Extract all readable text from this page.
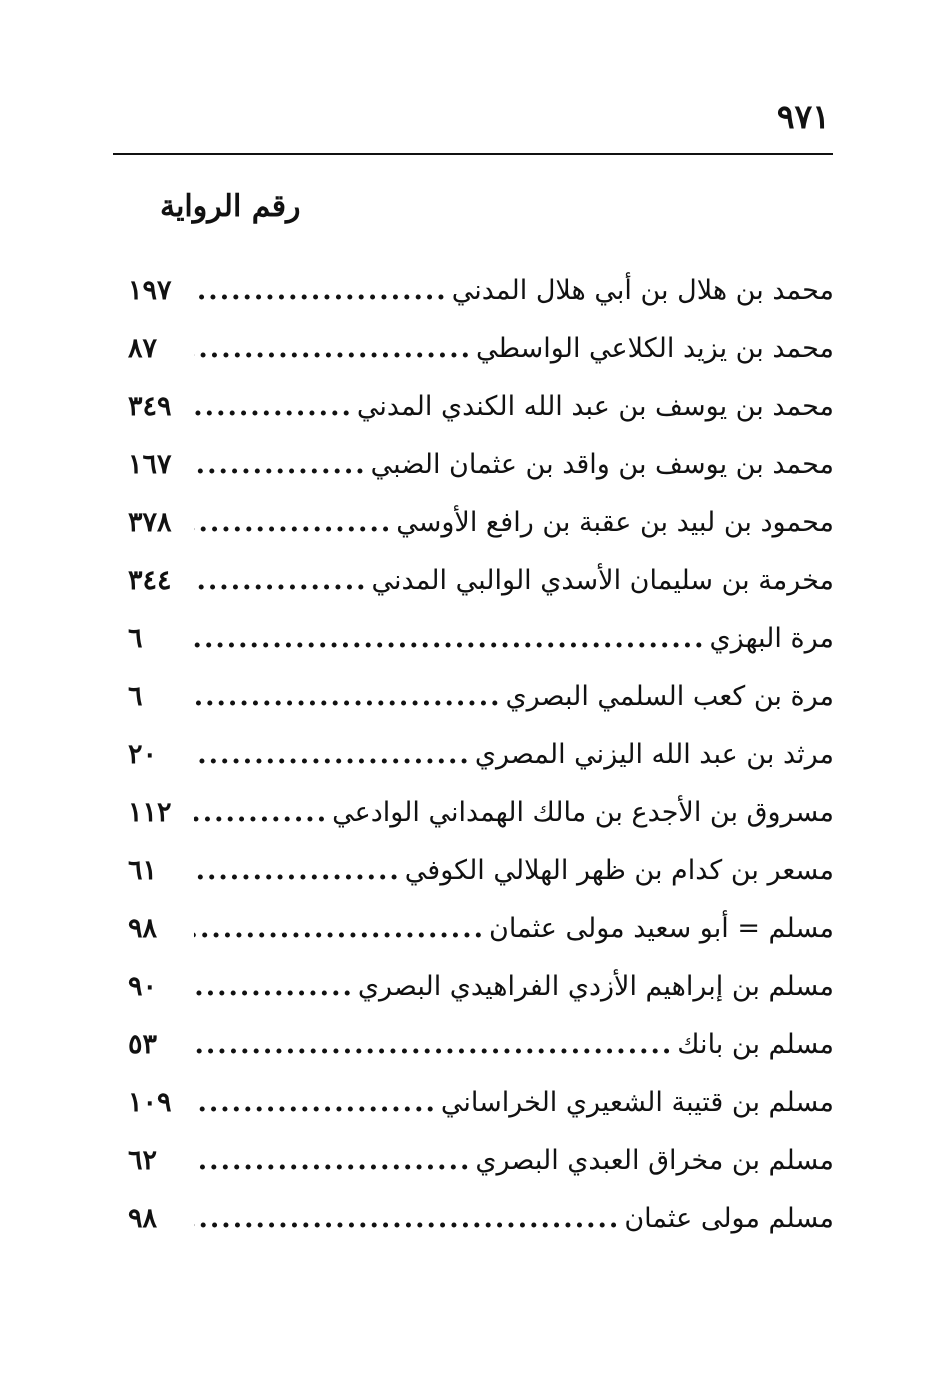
٩٧١
رقم الرواية
محمد بن هلال بن أبي هلال المدني
.....
١٩٧
محمد بن يزيد الكلاعي الواسطي
.....
٨٧
محمد بن يوسف بن عبد الله الكندي المدني
.....
٣٤٩
محمد بن يوسف بن واقد بن عثمان الضبي
.....
١٦٧
محمود بن لبيد بن عقبة بن رافع الأوسي
.....
٣٧٨
مخرمة بن سليمان الأسدي الوالبي المدني
.....
٣٤٤
مرة البهزي
.....
٦
مرة بن كعب السلمي البصري
.....
٦
مرثد بن عبد الله اليزني المصري
.....
٢٠
مسروق بن الأجدع بن مالك الهمداني الوادعي
.....
١١٢
مسعر بن كدام بن ظهر الهلالي الكوفي
.....
٦١
مسلم = أبو سعيد مولى عثمان
.....
٩٨
مسلم بن إبراهيم الأزدي الفراهيدي البصري
.....
٩٠
مسلم بن بانك
.....
٥٣
مسلم بن قتيبة الشعيري الخراساني
.....
١٠٩
مسلم بن مخراق العبدي البصري
.....
٦٢
مسلم مولى عثمان
.....
٩٨
